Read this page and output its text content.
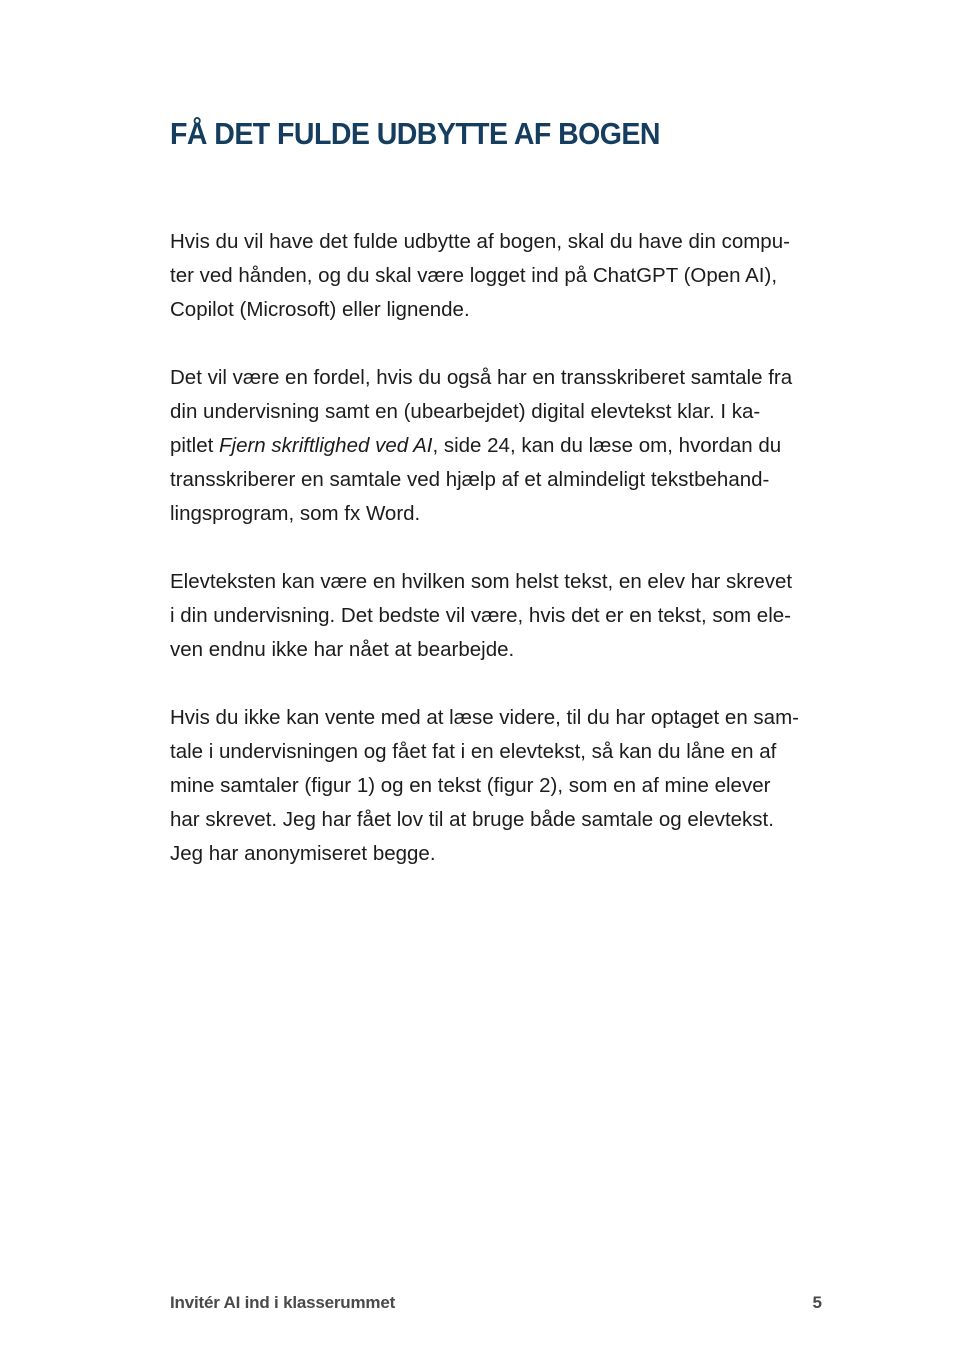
FÅ DET FULDE UDBYTTE AF BOGEN

Hvis du vil have det fulde udbytte af bogen, skal du have din compu-
ter ved hånden, og du skal være logget ind på ChatGPT (Open AI),
Copilot (Microsoft) eller lignende.

Det vil være en fordel, hvis du også har en transskriberet samtale fra
din undervisning samt en (ubearbejdet) digital elevtekst klar. I ka-
pitlet Fjern skriftlighed ved AI, side 24, kan du læse om, hvordan du
transskriberer en samtale ved hjælp af et almindeligt tekstbehand-
lingsprogram, som fx Word.

Elevteksten kan være en hvilken som helst tekst, en elev har skrevet
i din undervisning. Det bedste vil være, hvis det er en tekst, som ele-
ven endnu ikke har nået at bearbejde.

Hvis du ikke kan vente med at læse videre, til du har optaget en sam-
tale i undervisningen og fået fat i en elevtekst, så kan du låne en af
mine samtaler (figur 1) og en tekst (figur 2), som en af mine elever
har skrevet. Jeg har fået lov til at bruge både samtale og elevtekst.
Jeg har anonymiseret begge.

Invitér AI ind i klasserummet	5
